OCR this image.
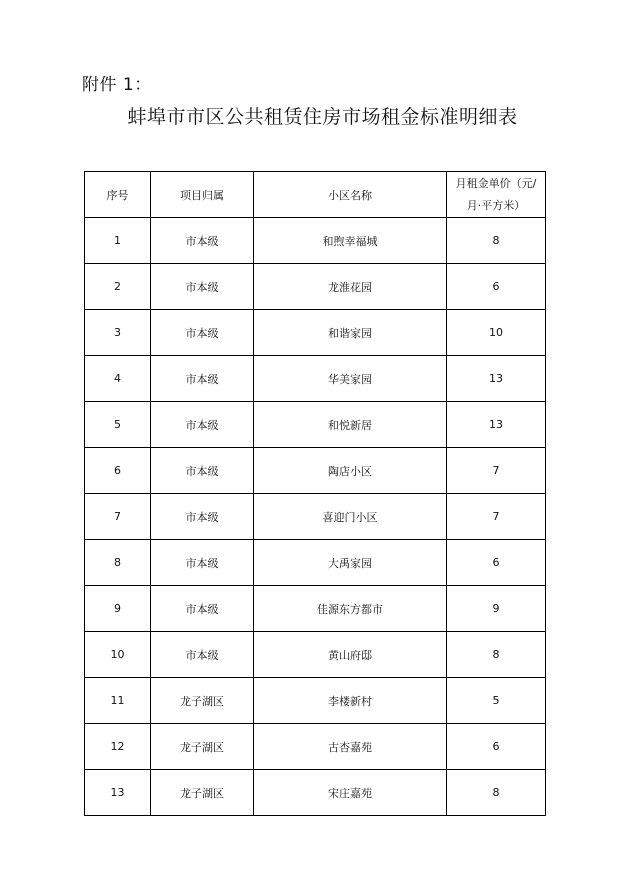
附件 1：
蚌埠市市区公共租赁住房市场租金标准明细表
序号	项目归属	小区名称	月租金单价（元/月·平方米）
1	市本级	和煦幸福城	8
2	市本级	龙淮花园	6
3	市本级	和谐家园	10
4	市本级	华美家园	13
5	市本级	和悦新居	13
6	市本级	陶店小区	7
7	市本级	喜迎门小区	7
8	市本级	大禹家园	6
9	市本级	佳源东方都市	9
10	市本级	黄山府邸	8
11	龙子湖区	李楼新村	5
12	龙子湖区	古杏嘉苑	6
13	龙子湖区	宋庄嘉苑	8
